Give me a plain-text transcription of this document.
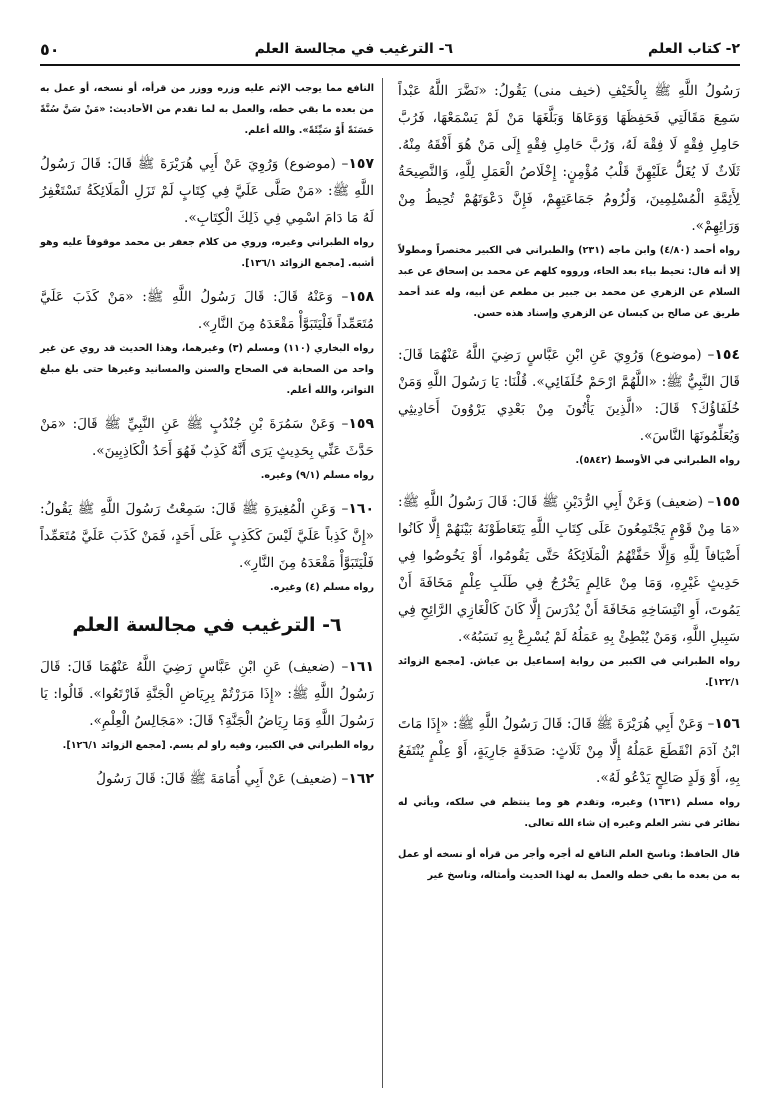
٢- كتاب العلم
٦- الترغيب في مجالسة العلم
٥٠

رَسُولُ اللَّهِ ﷺ بِالْخَيْفِ (خيف منى) يَقُولُ: «نَضَّرَ اللَّهُ عَبْداً سَمِعَ مَقَالَتِي فَحَفِظَهَا وَوَعَاهَا وَبَلَّغَهَا مَنْ لَمْ يَسْمَعْهَا، فَرُبَّ حَامِلِ فِقْهٍ لَا فِقْهَ لَهُ، وَرُبَّ حَامِلِ فِقْهٍ إِلَى مَنْ هُوَ أَفْقَهُ مِنْهُ. ثَلَاثٌ لَا يُغَلُّ عَلَيْهِنَّ قَلْبُ مُؤْمِنٍ: إِخْلَاصُ الْعَمَلِ لِلَّهِ، وَالنَّصِيحَةُ لِأَئِمَّةِ الْمُسْلِمِينَ، وَلُزُومُ جَمَاعَتِهِمْ، فَإِنَّ دَعْوَتَهُمْ تُحِيطُ مِنْ وَرَائِهِمْ».

رواه أحمد (٤/٨٠) وابن ماجه (٢٣١) والطبراني في الكبير مختصراً ومطولاً إلا أنه قال: تحيط بياء بعد الحاء، ورووه كلهم عن محمد بن إسحاق عن عبد السلام عن الزهري عن محمد بن جبير بن مطعم عن أبيه، وله عند أحمد طريق عن صالح بن كيسان عن الزهري وإسناد هذه حسن.

١٥٤– (موضوع) وَرُوِيَ عَنِ ابْنِ عَبَّاسٍ رَضِيَ اللَّهُ عَنْهُمَا قَالَ: قَالَ النَّبِيُّ ﷺ: «اللَّهُمَّ ارْحَمْ خُلَفَائِي». قُلْنَا: يَا رَسُولَ اللَّهِ وَمَنْ خُلَفَاؤُكَ؟ قَالَ: «الَّذِينَ يَأْتُونَ مِنْ بَعْدِي يَرْوُونَ أَحَادِيثِي وَيُعَلِّمُونَهَا النَّاسَ».

رواه الطبراني في الأوسط (٥٨٤٢).

١٥٥– (ضعيف) وَعَنْ أَبِي الرُّدَيْنِ ﷺ قَالَ: قَالَ رَسُولُ اللَّهِ ﷺ: «مَا مِنْ قَوْمٍ يَجْتَمِعُونَ عَلَى كِتَابِ اللَّهِ يَتَعَاطَوْنَهُ بَيْنَهُمْ إِلَّا كَانُوا أَضْيَافاً لِلَّهِ وَإِلَّا حَفَّتْهُمُ الْمَلَائِكَةُ حَتَّى يَقُومُوا، أَوْ يَخُوضُوا فِي حَدِيثٍ غَيْرِهِ، وَمَا مِنْ عَالِمٍ يَخْرُجُ فِي طَلَبِ عِلْمٍ مَخَافَةَ أَنْ يَمُوتَ، أَوِ انْتِسَاخِهِ مَخَافَةَ أَنْ يُدْرَسَ إِلَّا كَانَ كَالْغَازِي الرَّائِحِ فِي سَبِيلِ اللَّهِ، وَمَنْ يُبْطِئْ بِهِ عَمَلُهُ لَمْ يُسْرِعْ بِهِ نَسَبُهُ».

رواه الطبراني في الكبير من رواية إسماعيل بن عياش. [مجمع الزوائد ١٢٢/١].

١٥٦– وَعَنْ أَبِي هُرَيْرَةَ ﷺ قَالَ: قَالَ رَسُولُ اللَّهِ ﷺ: «إِذَا مَاتَ ابْنُ آدَمَ انْقَطَعَ عَمَلُهُ إِلَّا مِنْ ثَلَاثٍ: صَدَقَةٍ جَارِيَةٍ، أَوْ عِلْمٍ يُنْتَفَعُ بِهِ، أَوْ وَلَدٍ صَالِحٍ يَدْعُو لَهُ».

رواه مسلم (١٦٣١) وغيره، وتقدم هو وما ينتظم في سلكه، ويأتي له نظائر في نشر العلم وغيره إن شاء الله تعالى.

قال الحافظ: وناسخ العلم النافع له أجره وأجر من قرأه أو نسخه أو عمل به من بعده ما بقي خطه والعمل به لهذا الحديث وأمثاله، وناسخ غير

النافع مما يوجب الإثم عليه وزره ووزر من قرأه، أو نسخه، أو عمل به من بعده ما بقي خطه، والعمل به لما تقدم من الأحاديث: «مَنْ سَنَّ سُنَّةً حَسَنَةً أَوْ سَيِّئَةً». والله أعلم.

١٥٧– (موضوع) وَرُوِيَ عَنْ أَبِي هُرَيْرَةَ ﷺ قَالَ: قَالَ رَسُولُ اللَّهِ ﷺ: «مَنْ صَلَّى عَلَيَّ فِي كِتَابٍ لَمْ تَزَلِ الْمَلَائِكَةُ تَسْتَغْفِرُ لَهُ مَا دَامَ اسْمِي فِي ذَلِكَ الْكِتَابِ».

رواه الطبراني وغيره، وروي من كلام جعفر بن محمد موقوفاً عليه وهو أشبه. [مجمع الزوائد ١٣٦/١].

١٥٨– وَعَنْهُ قَالَ: قَالَ رَسُولُ اللَّهِ ﷺ: «مَنْ كَذَبَ عَلَيَّ مُتَعَمِّداً فَلْيَتَبَوَّأْ مَقْعَدَهُ مِنَ النَّارِ».

رواه البخاري (١١٠) ومسلم (٣) وغيرهما، وهذا الحديث قد روي عن غير واحد من الصحابة في الصحاح والسنن والمسانيد وغيرها حتى بلغ مبلغ التواتر، والله أعلم.

١٥٩– وَعَنْ سَمُرَةَ بْنِ جُنْدُبٍ ﷺ عَنِ النَّبِيِّ ﷺ قَالَ: «مَنْ حَدَّثَ عَنِّي بِحَدِيثٍ يَرَى أَنَّهُ كَذِبٌ فَهُوَ أَحَدُ الْكَاذِبِينَ».

رواه مسلم (٩/١) وغيره.

١٦٠– وَعَنِ الْمُغِيرَةِ ﷺ قَالَ: سَمِعْتُ رَسُولَ اللَّهِ ﷺ يَقُولُ: «إِنَّ كَذِباً عَلَيَّ لَيْسَ كَكَذِبٍ عَلَى أَحَدٍ، فَمَنْ كَذَبَ عَلَيَّ مُتَعَمِّداً فَلْيَتَبَوَّأْ مَقْعَدَهُ مِنَ النَّارِ».

رواه مسلم (٤) وغيره.

٦- الترغيب في مجالسة العلم

١٦١– (ضعيف) عَنِ ابْنِ عَبَّاسٍ رَضِيَ اللَّهُ عَنْهُمَا قَالَ: قَالَ رَسُولُ اللَّهِ ﷺ: «إِذَا مَرَرْتُمْ بِرِيَاضِ الْجَنَّةِ فَارْتَعُوا». قَالُوا: يَا رَسُولَ اللَّهِ وَمَا رِيَاضُ الْجَنَّةِ؟ قَالَ: «مَجَالِسُ الْعِلْمِ».

رواه الطبراني في الكبير، وفيه راو لم يسم. [مجمع الزوائد ١٢٦/١].

١٦٢– (ضعيف) عَنْ أَبِي أُمَامَةَ ﷺ قَالَ: قَالَ رَسُولُ
